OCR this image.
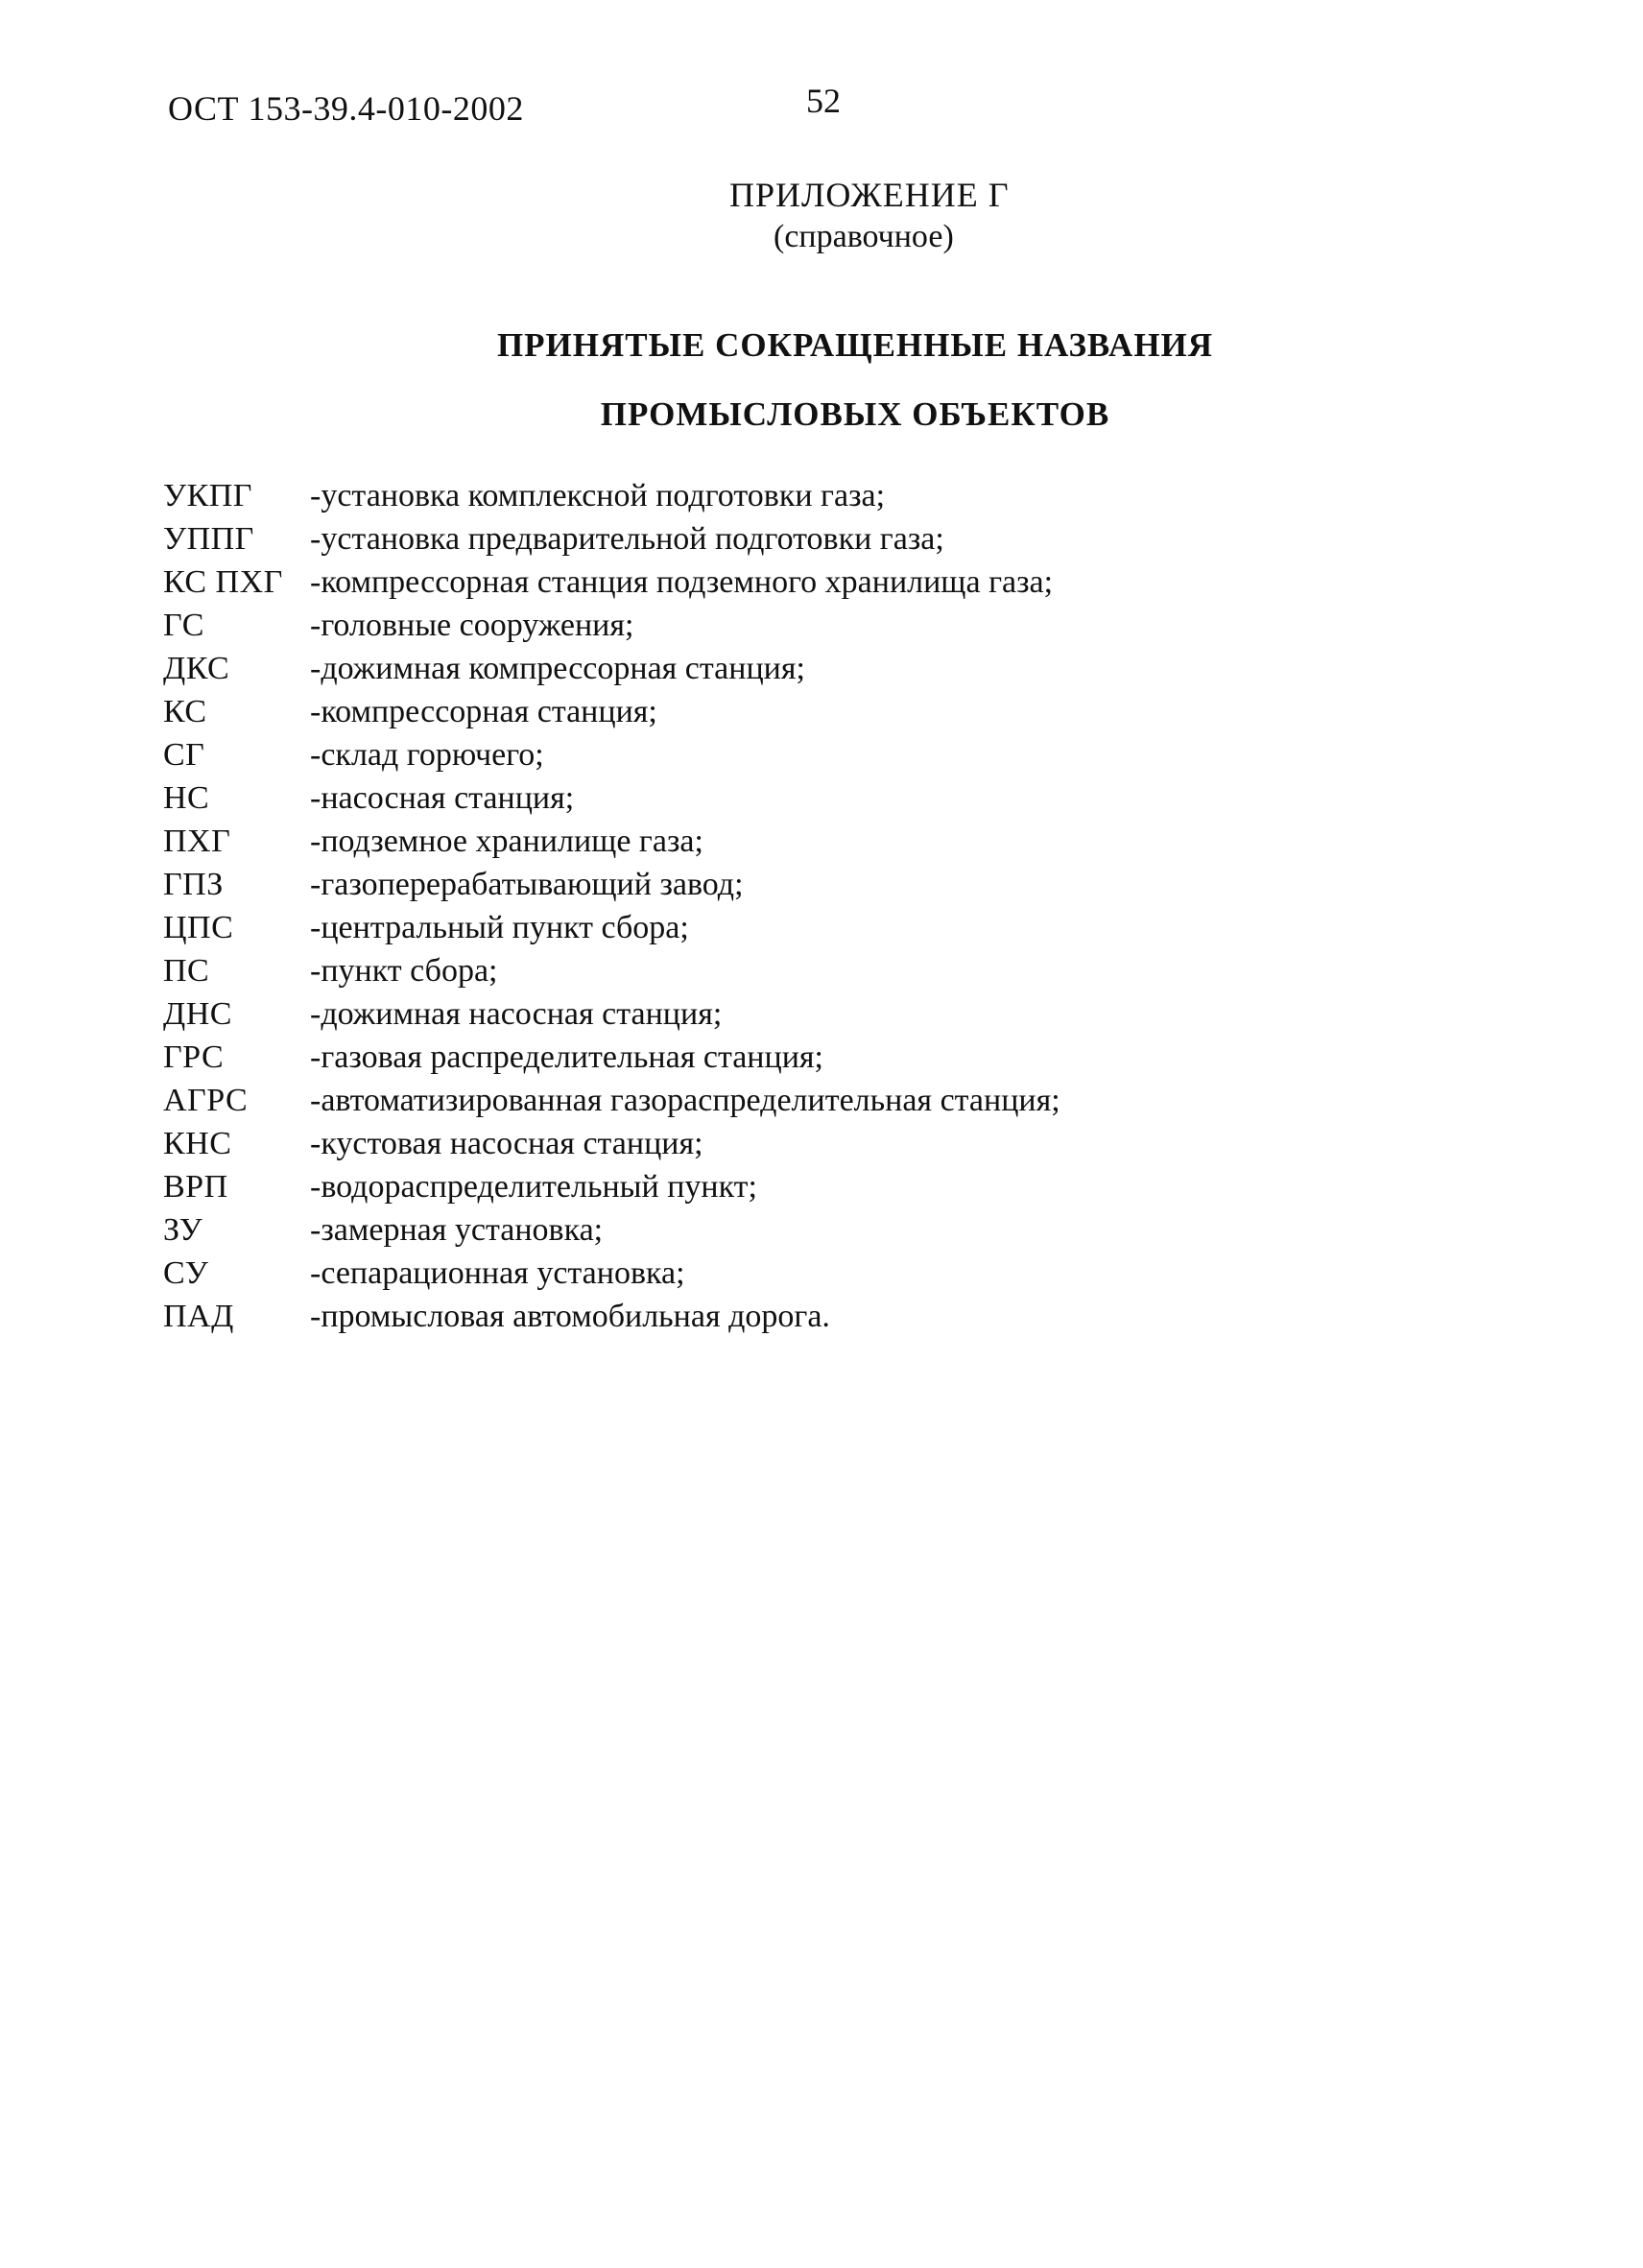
ОСТ 153-39.4-010-2002	52
ПРИЛОЖЕНИЕ Г
(справочное)
ПРИНЯТЫЕ СОКРАЩЕННЫЕ НАЗВАНИЯ
ПРОМЫСЛОВЫХ ОБЪЕКТОВ
УКПГ -	установка комплексной подготовки газа;
УППГ -	установка предварительной подготовки газа;
КС ПХГ -	компрессорная станция подземного хранилища газа;
ГС -	головные сооружения;
ДКС -	дожимная компрессорная станция;
КС -	компрессорная станция;
СГ -	склад горючего;
НС -	насосная станция;
ПХГ -	подземное хранилище газа;
ГПЗ -	газоперерабатывающий завод;
ЦПС -	центральный пункт сбора;
ПС -	пункт сбора;
ДНС -	дожимная насосная станция;
ГРС -	газовая распределительная станция;
АГРС -	автоматизированная газораспределительная станция;
КНС -	кустовая насосная станция;
ВРП -	водораспределительный пункт;
ЗУ -	замерная установка;
СУ -	сепарационная установка;
ПАД -	промысловая автомобильная дорога.
